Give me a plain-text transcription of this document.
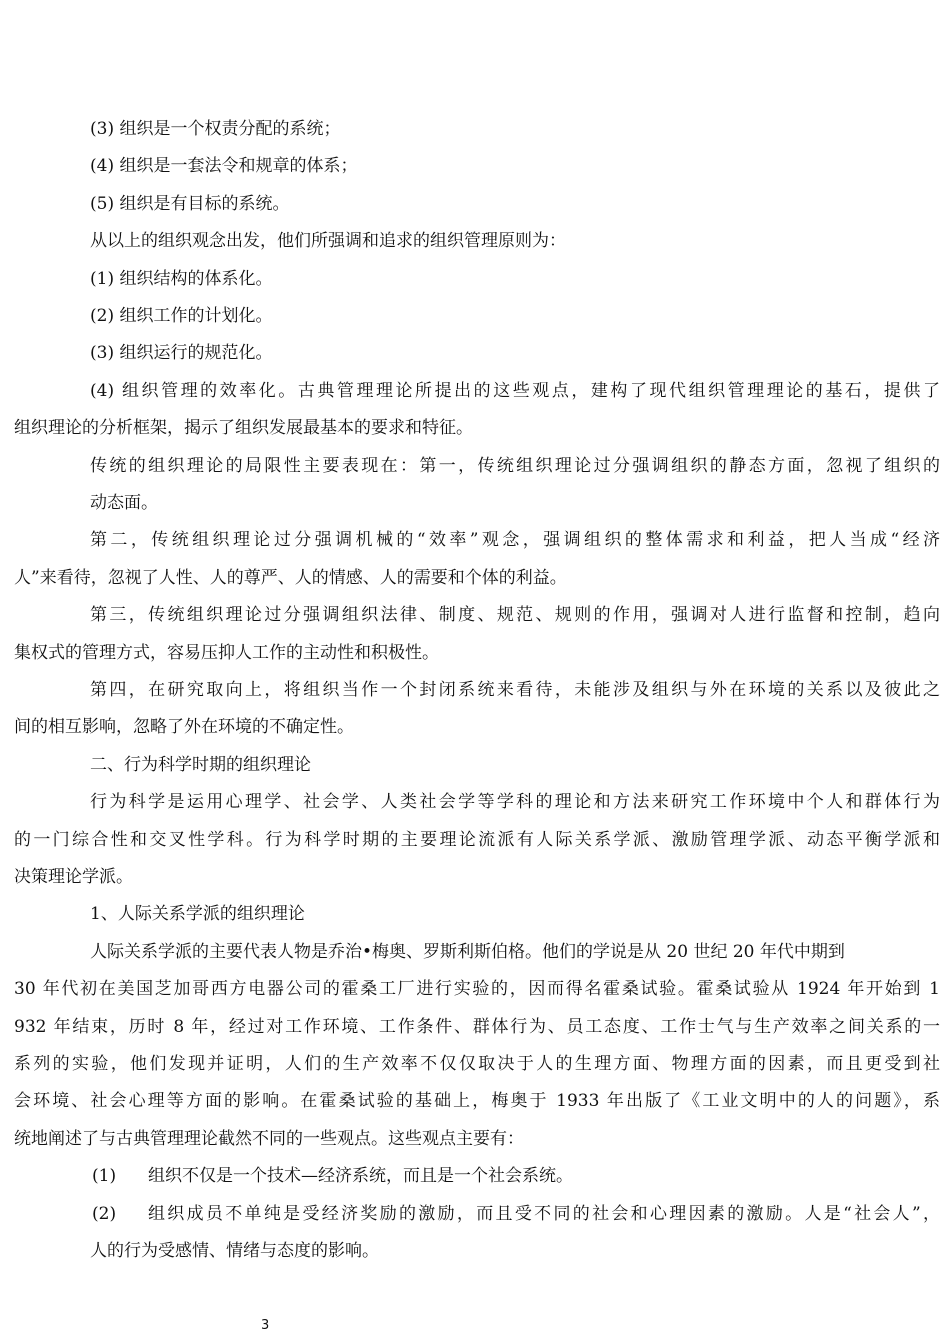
(3) 组织是一个权责分配的系统；
(4) 组织是一套法令和规章的体系；
(5) 组织是有目标的系统。
从以上的组织观念出发，他们所强调和追求的组织管理原则为：
(1) 组织结构的体系化。
(2) 组织工作的计划化。
(3) 组织运行的规范化。
(4) 组织管理的效率化。古典管理理论所提出的这些观点，建构了现代组织管理理论的基石，提供了
组织理论的分析框架，揭示了组织发展最基本的要求和特征。
传统的组织理论的局限性主要表现在：第一，传统组织理论过分强调组织的静态方面，忽视了组织的
动态面。
第二，传统组织理论过分强调机械的“效率”观念，强调组织的整体需求和利益，把人当成“经济
人”来看待，忽视了人性、人的尊严、人的情感、人的需要和个体的利益。
第三，传统组织理论过分强调组织法律、制度、规范、规则的作用，强调对人进行监督和控制，趋向
集权式的管理方式，容易压抑人工作的主动性和积极性。
第四，在研究取向上，将组织当作一个封闭系统来看待，未能涉及组织与外在环境的关系以及彼此之
间的相互影响，忽略了外在环境的不确定性。
二、行为科学时期的组织理论
行为科学是运用心理学、社会学、人类社会学等学科的理论和方法来研究工作环境中个人和群体行为
的一门综合性和交叉性学科。行为科学时期的主要理论流派有人际关系学派、激励管理学派、动态平衡学派和
决策理论学派。
1、人际关系学派的组织理论
人际关系学派的主要代表人物是乔治•梅奥、罗斯利斯伯格。他们的学说是从 20 世纪 20 年代中期到
30 年代初在美国芝加哥西方电器公司的霍桑工厂进行实验的，因而得名霍桑试验。霍桑试验从 1924 年开始到 1
932 年结束，历时 8 年，经过对工作环境、工作条件、群体行为、员工态度、工作士气与生产效率之间关系的一
系列的实验，他们发现并证明，人们的生产效率不仅仅取决于人的生理方面、物理方面的因素，而且更受到社
会环境、社会心理等方面的影响。在霍桑试验的基础上，梅奥于 1933 年出版了《工业文明中的人的问题》，系
统地阐述了与古典管理理论截然不同的一些观点。这些观点主要有：
(1) 组织不仅是一个技术—经济系统，而且是一个社会系统。
(2) 组织成员不单纯是受经济奖励的激励，而且受不同的社会和心理因素的激励。人是“社会人”，
人的行为受感情、情绪与态度的影响。
3
